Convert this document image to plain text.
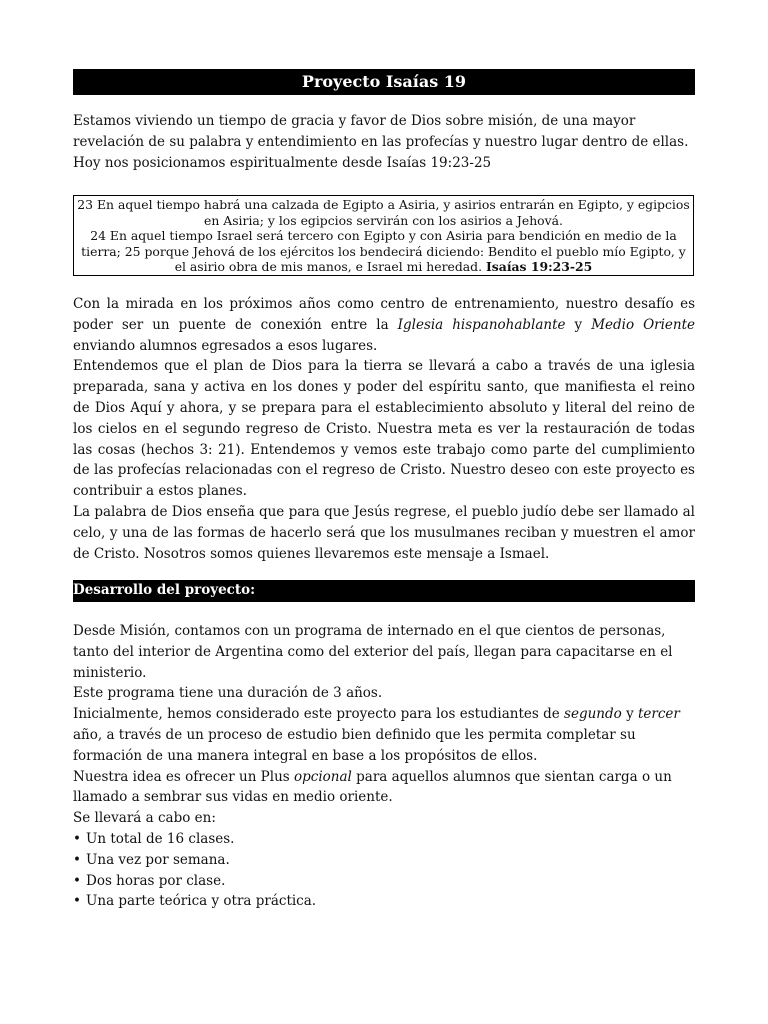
Proyecto Isaías 19

Estamos viviendo un tiempo de gracia y favor de Dios sobre misión, de una mayor revelación de su palabra y entendimiento en las profecías y nuestro lugar dentro de ellas.

Hoy nos posicionamos espiritualmente desde Isaías 19:23-25

23 En aquel tiempo habrá una calzada de Egipto a Asiria, y asirios entrarán en Egipto, y egipcios en Asiria; y los egipcios servirán con los asirios a Jehová.

24 En aquel tiempo Israel será tercero con Egipto y con Asiria para bendición en medio de la tierra; 25 porque Jehová de los ejércitos los bendecirá diciendo: Bendito el pueblo mío Egipto, y el asirio obra de mis manos, e Israel mi heredad. Isaías 19:23-25

Con la mirada en los próximos años como centro de entrenamiento, nuestro desafío es poder ser un puente de conexión entre la Iglesia hispanohablante y Medio Oriente enviando alumnos egresados a esos lugares.

Entendemos que el plan de Dios para la tierra se llevará a cabo a través de una iglesia preparada, sana y activa en los dones y poder del espíritu santo, que manifiesta el reino de Dios Aquí y ahora, y se prepara para el establecimiento absoluto y literal del reino de los cielos en el segundo regreso de Cristo. Nuestra meta es ver la restauración de todas las cosas (hechos 3: 21). Entendemos y vemos este trabajo como parte del cumplimiento de las profecías relacionadas con el regreso de Cristo. Nuestro deseo con este proyecto es contribuir a estos planes.

La palabra de Dios enseña que para que Jesús regrese, el pueblo judío debe ser llamado al celo, y una de las formas de hacerlo será que los musulmanes reciban y muestren el amor de Cristo. Nosotros somos quienes llevaremos este mensaje a Ismael.

Desarrollo del proyecto:

Desde Misión, contamos con un programa de internado en el que cientos de personas, tanto del interior de Argentina como del exterior del país, llegan para capacitarse en el ministerio.

Este programa tiene una duración de 3 años.

Inicialmente, hemos considerado este proyecto para los estudiantes de segundo y tercer año, a través de un proceso de estudio bien definido que les permita completar su formación de una manera integral en base a los propósitos de ellos.

Nuestra idea es ofrecer un Plus opcional para aquellos alumnos que sientan carga o un llamado a sembrar sus vidas en medio oriente.

Se llevará a cabo en:

• Un total de 16 clases.
• Una vez por semana.
• Dos horas por clase.
• Una parte teórica y otra práctica.
